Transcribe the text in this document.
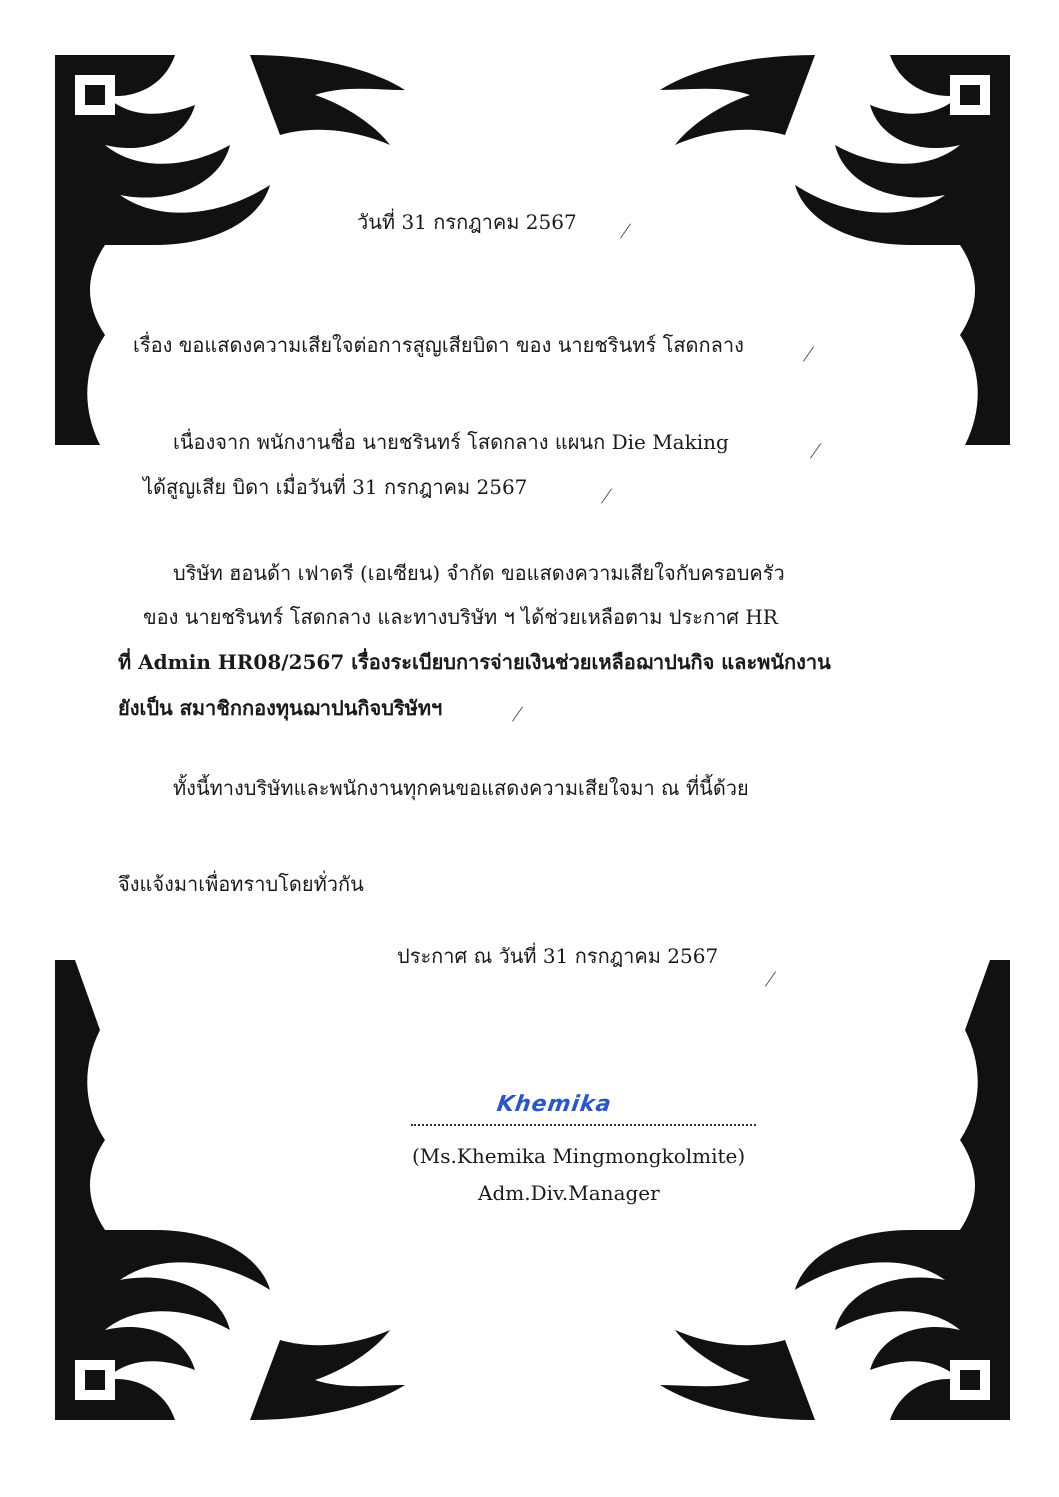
วันที่ 31 กรกฎาคม 2567
เรื่อง ขอแสดงความเสียใจต่อการสูญเสียบิดา ของ นายชรินทร์ โสดกลาง
เนื่องจาก พนักงานชื่อ นายชรินทร์ โสดกลาง แผนก Die Making
ได้สูญเสีย บิดา เมื่อวันที่ 31 กรกฎาคม 2567
บริษัท ฮอนด้า เฟาดรี (เอเซียน) จำกัด ขอแสดงความเสียใจกับครอบครัว
ของ นายชรินทร์ โสดกลาง และทางบริษัท ฯ ได้ช่วยเหลือตาม ประกาศ HR
ที่ Admin HR08/2567 เรื่องระเบียบการจ่ายเงินช่วยเหลือฌาปนกิจ และพนักงาน
ยังเป็น สมาชิกกองทุนฌาปนกิจบริษัทฯ
ทั้งนี้ทางบริษัทและพนักงานทุกคนขอแสดงความเสียใจมา ณ ที่นี้ด้วย
จึงแจ้งมาเพื่อทราบโดยทั่วกัน
ประกาศ ณ วันที่ 31 กรกฎาคม 2567
Khemika
(Ms.Khemika Mingmongkolmite)
Adm.Div.Manager
